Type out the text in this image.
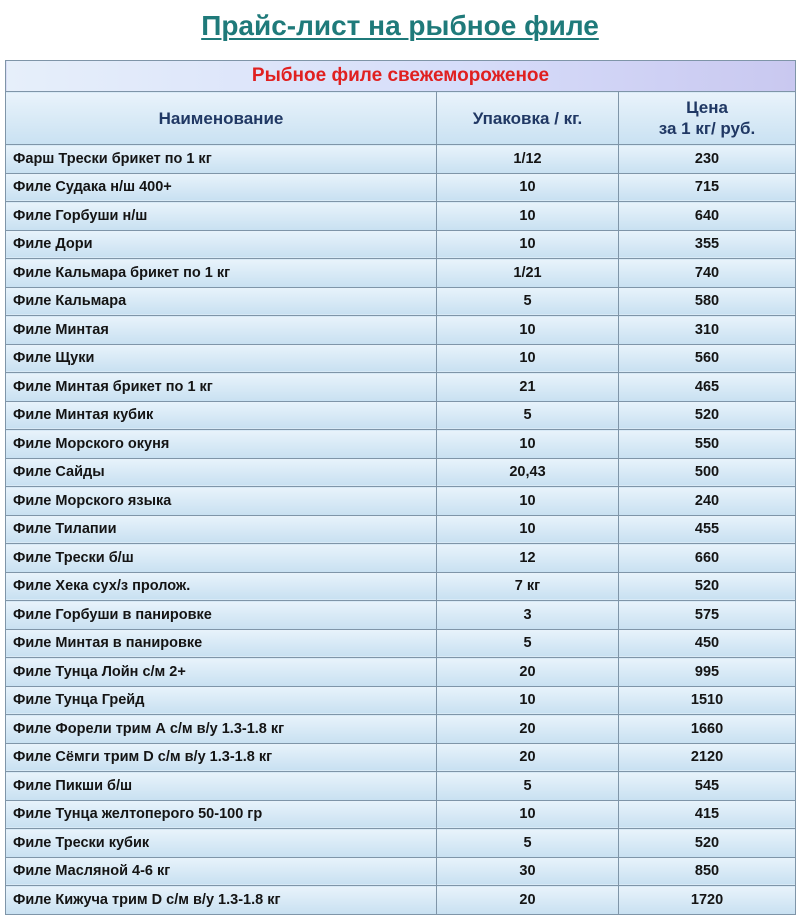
Прайс-лист на рыбное филе
Рыбное филе свежемороженое		
Наименование	Упаковка / кг.	Цена
за 1 кг/ руб.

Фарш Трески брикет по 1 кг	1/12	230
Филе Судака н/ш 400+	10	715
Филе Горбуши н/ш	10	640
Филе Дори	10	355
Филе Кальмара брикет по 1 кг	1/21	740
Филе Кальмара	5	580
Филе Минтая	10	310
Филе Щуки	10	560
Филе Минтая брикет по 1 кг	21	465
Филе Минтая кубик	5	520
Филе Морского окуня	10	550
Филе Сайды	20,43	500
Филе Морского языка	10	240
Филе Тилапии	10	455
Филе Трески б/ш	12	660
Филе Хека сух/з пролож.	7 кг	520
Филе Горбуши в панировке	3	575
Филе Минтая в панировке	5	450
Филе Тунца Лойн с/м 2+	20	995
Филе Тунца Грейд	10	1510
Филе Форели трим А с/м в/у 1.3-1.8 кг	20	1660
Филе Сёмги трим D с/м в/у 1.3-1.8 кг	20	2120
Филе Пикши б/ш	5	545
Филе Тунца желтоперого 50-100 гр	10	415
Филе Трески кубик	5	520
Филе Масляной 4-6 кг	30	850
Филе Кижуча трим D с/м в/у 1.3-1.8 кг	20	1720
